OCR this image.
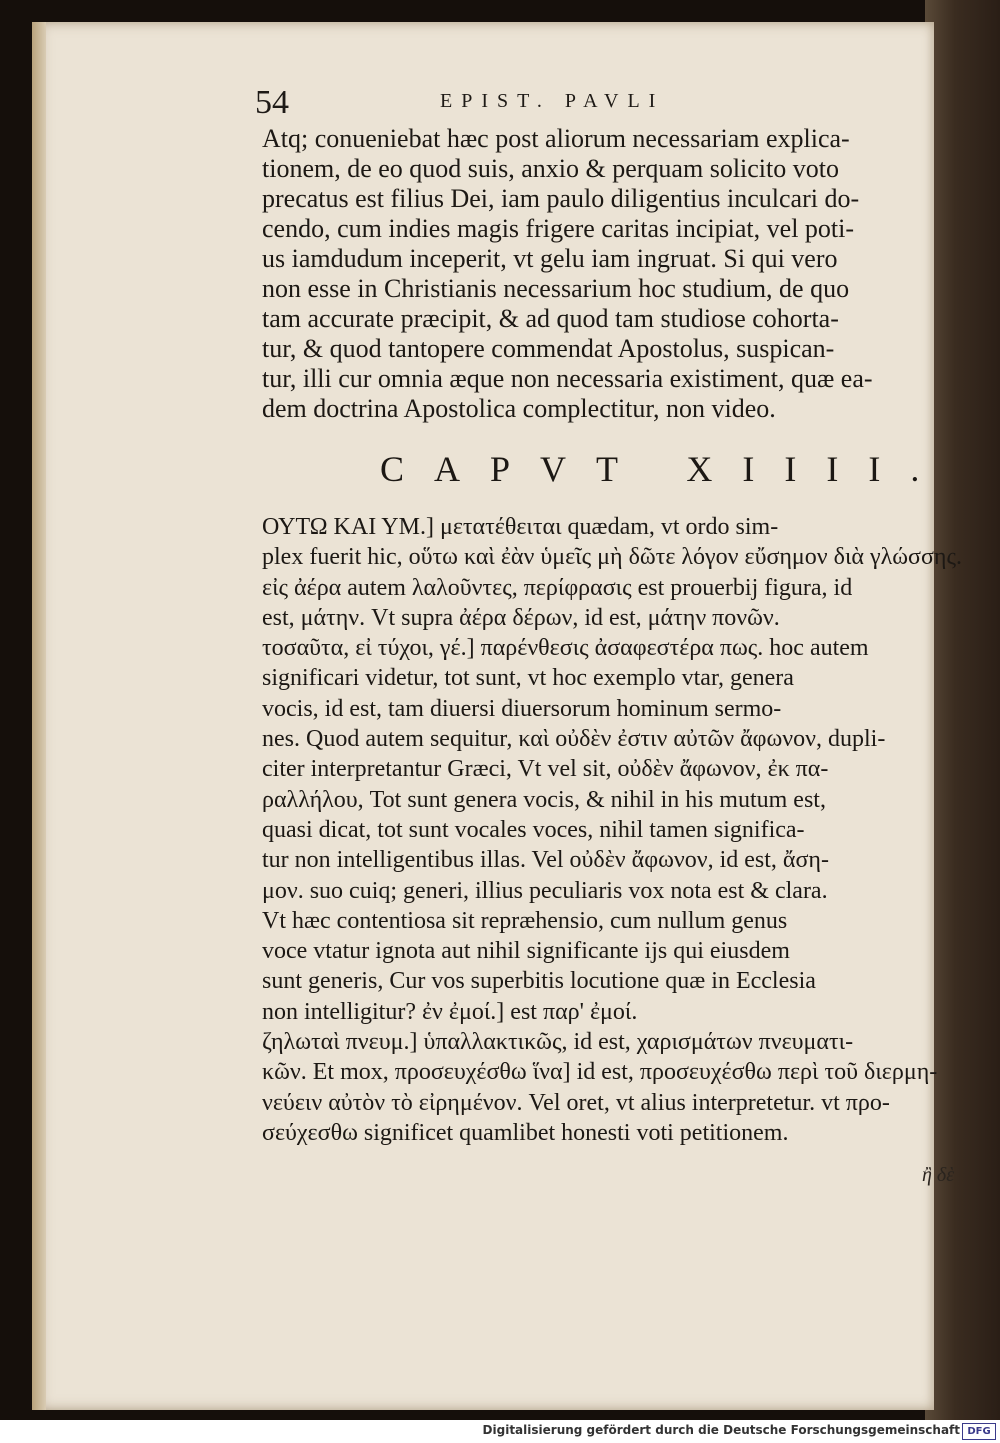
54	EPIST. PAVLI
Atq; conueniebat hæc post aliorum necessariam explica-
tionem, de eo quod suis, anxio & perquam solicito voto
precatus est filius Dei, iam paulo diligentius inculcari do-
cendo, cum indies magis frigere caritas incipiat, vel poti-
us iamdudum inceperit, vt gelu iam ingruat. Si qui vero
non esse in Christianis necessarium hoc studium, de quo
tam accurate præcipit, & ad quod tam studiose cohorta-
tur, & quod tantopere commendat Apostolus, suspican-
tur, illi cur omnia æque non necessaria existiment, quæ ea-
dem doctrina Apostolica complectitur, non video.
CAPVT XIIII.
ΟΥΤΩ ΚΑΙ ΥΜ.] μετατέθειται quædam, vt ordo sim-
plex fuerit hic, οὕτω καὶ ἐὰν ὑμεῖς μὴ δῶτε λόγον εὔσημον διὰ γλώσσης.
εἰς ἀέρα autem λαλοῦντες, περίφρασις est prouerbij figura, id
est, μάτην. Vt supra ἀέρα δέρων, id est, μάτην πονῶν.
τοσαῦτα, εἰ τύχοι, γέ.] παρένθεσις ἀσαφεστέρα πως. hoc autem
significari videtur, tot sunt, vt hoc exemplo vtar, genera
vocis, id est, tam diuersi diuersorum hominum sermo-
nes. Quod autem sequitur, καὶ οὐδὲν ἐστιν αὐτῶν ἄφωνον, dupli-
citer interpretantur Græci, Vt vel sit, οὐδὲν ἄφωνον, ἐκ πα-
ραλλήλου, Tot sunt genera vocis, & nihil in his mutum est,
quasi dicat, tot sunt vocales voces, nihil tamen significa-
tur non intelligentibus illas. Vel οὐδὲν ἄφωνον, id est, ἄση-
μον. suo cuiq; generi, illius peculiaris vox nota est & clara.
Vt hæc contentiosa sit repræhensio, cum nullum genus
voce vtatur ignota aut nihil significante ijs qui eiusdem
sunt generis, Cur vos superbitis locutione quæ in Ecclesia
non intelligitur? ἐν ἐμοί.] est παρ' ἐμοί.
ζηλωταὶ πνευμ.] ὑπαλλακτικῶς, id est, χαρισμάτων πνευματι-
κῶν. Et mox, προσευχέσθω ἵνα] id est, προσευχέσθω περὶ τοῦ διερμη-
νεύειν αὐτὸν τὸ εἰρημένον. Vel oret, vt alius interpretetur. vt προ-
σεύχεσθω significet quamlibet honesti voti petitionem.
ἢ δὲ
Digitalisierung gefördert durch die Deutsche Forschungsgemeinschaft DFG
